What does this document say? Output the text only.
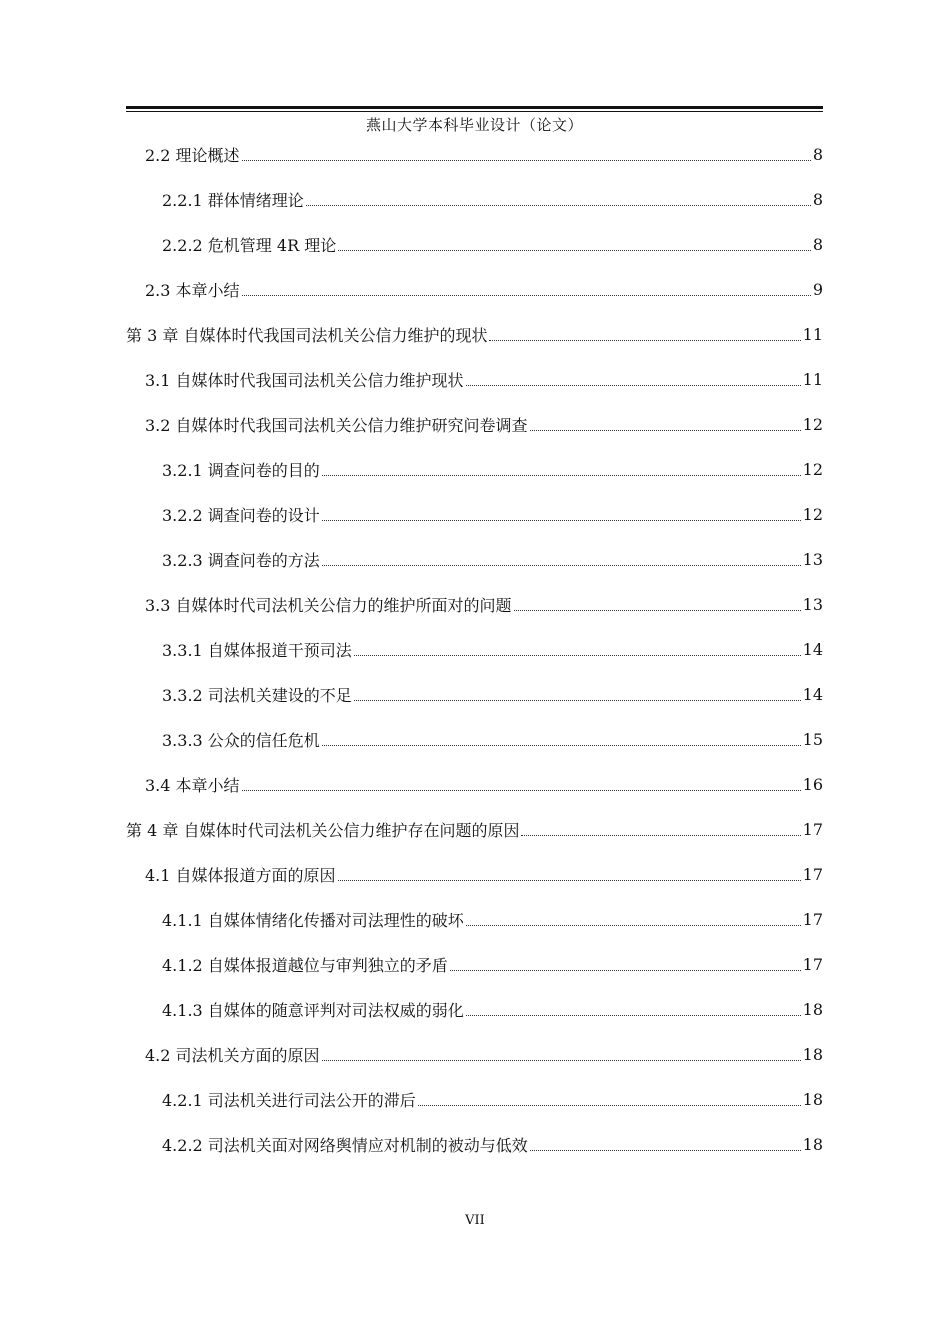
燕山大学本科毕业设计（论文）
2.2 理论概述	8
2.2.1 群体情绪理论	8
2.2.2 危机管理 4R 理论	8
2.3 本章小结	9
第 3 章 自媒体时代我国司法机关公信力维护的现状	11
3.1 自媒体时代我国司法机关公信力维护现状	11
3.2 自媒体时代我国司法机关公信力维护研究问卷调查	12
3.2.1 调查问卷的目的	12
3.2.2 调查问卷的设计	12
3.2.3 调查问卷的方法	13
3.3 自媒体时代司法机关公信力的维护所面对的问题	13
3.3.1 自媒体报道干预司法	14
3.3.2 司法机关建设的不足	14
3.3.3 公众的信任危机	15
3.4 本章小结	16
第 4 章 自媒体时代司法机关公信力维护存在问题的原因	17
4.1 自媒体报道方面的原因	17
4.1.1 自媒体情绪化传播对司法理性的破坏	17
4.1.2 自媒体报道越位与审判独立的矛盾	17
4.1.3 自媒体的随意评判对司法权威的弱化	18
4.2 司法机关方面的原因	18
4.2.1 司法机关进行司法公开的滞后	18
4.2.2 司法机关面对网络舆情应对机制的被动与低效	18
VII
